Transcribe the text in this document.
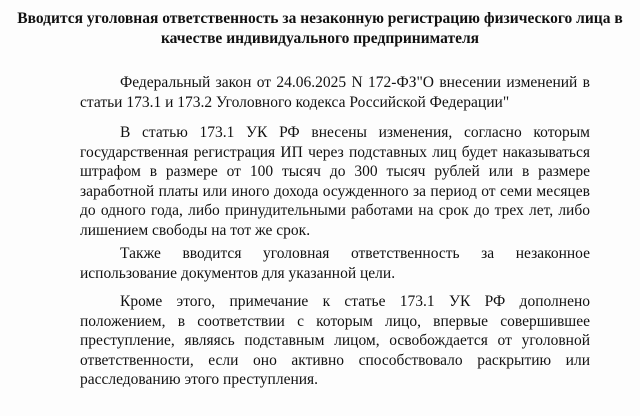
Вводится уголовная ответственность за незаконную регистрацию физического лица в качестве индивидуального предпринимателя
Федеральный закон от 24.06.2025 N 172-ФЗ"О внесении изменений в статьи 173.1 и 173.2 Уголовного кодекса Российской Федерации"
В статью 173.1 УК РФ внесены изменения, согласно которым государственная регистрация ИП через подставных лиц будет наказываться штрафом в размере от 100 тысяч до 300 тысяч рублей или в размере заработной платы или иного дохода осужденного за период от семи месяцев до одного года, либо принудительными работами на срок до трех лет, либо лишением свободы на тот же срок.
Также вводится уголовная ответственность за незаконное использование документов для указанной цели.
Кроме этого, примечание к статье 173.1 УК РФ дополнено положением, в соответствии с которым лицо, впервые совершившее преступление, являясь подставным лицом, освобождается от уголовной ответственности, если оно активно способствовало раскрытию или расследованию этого преступления.
